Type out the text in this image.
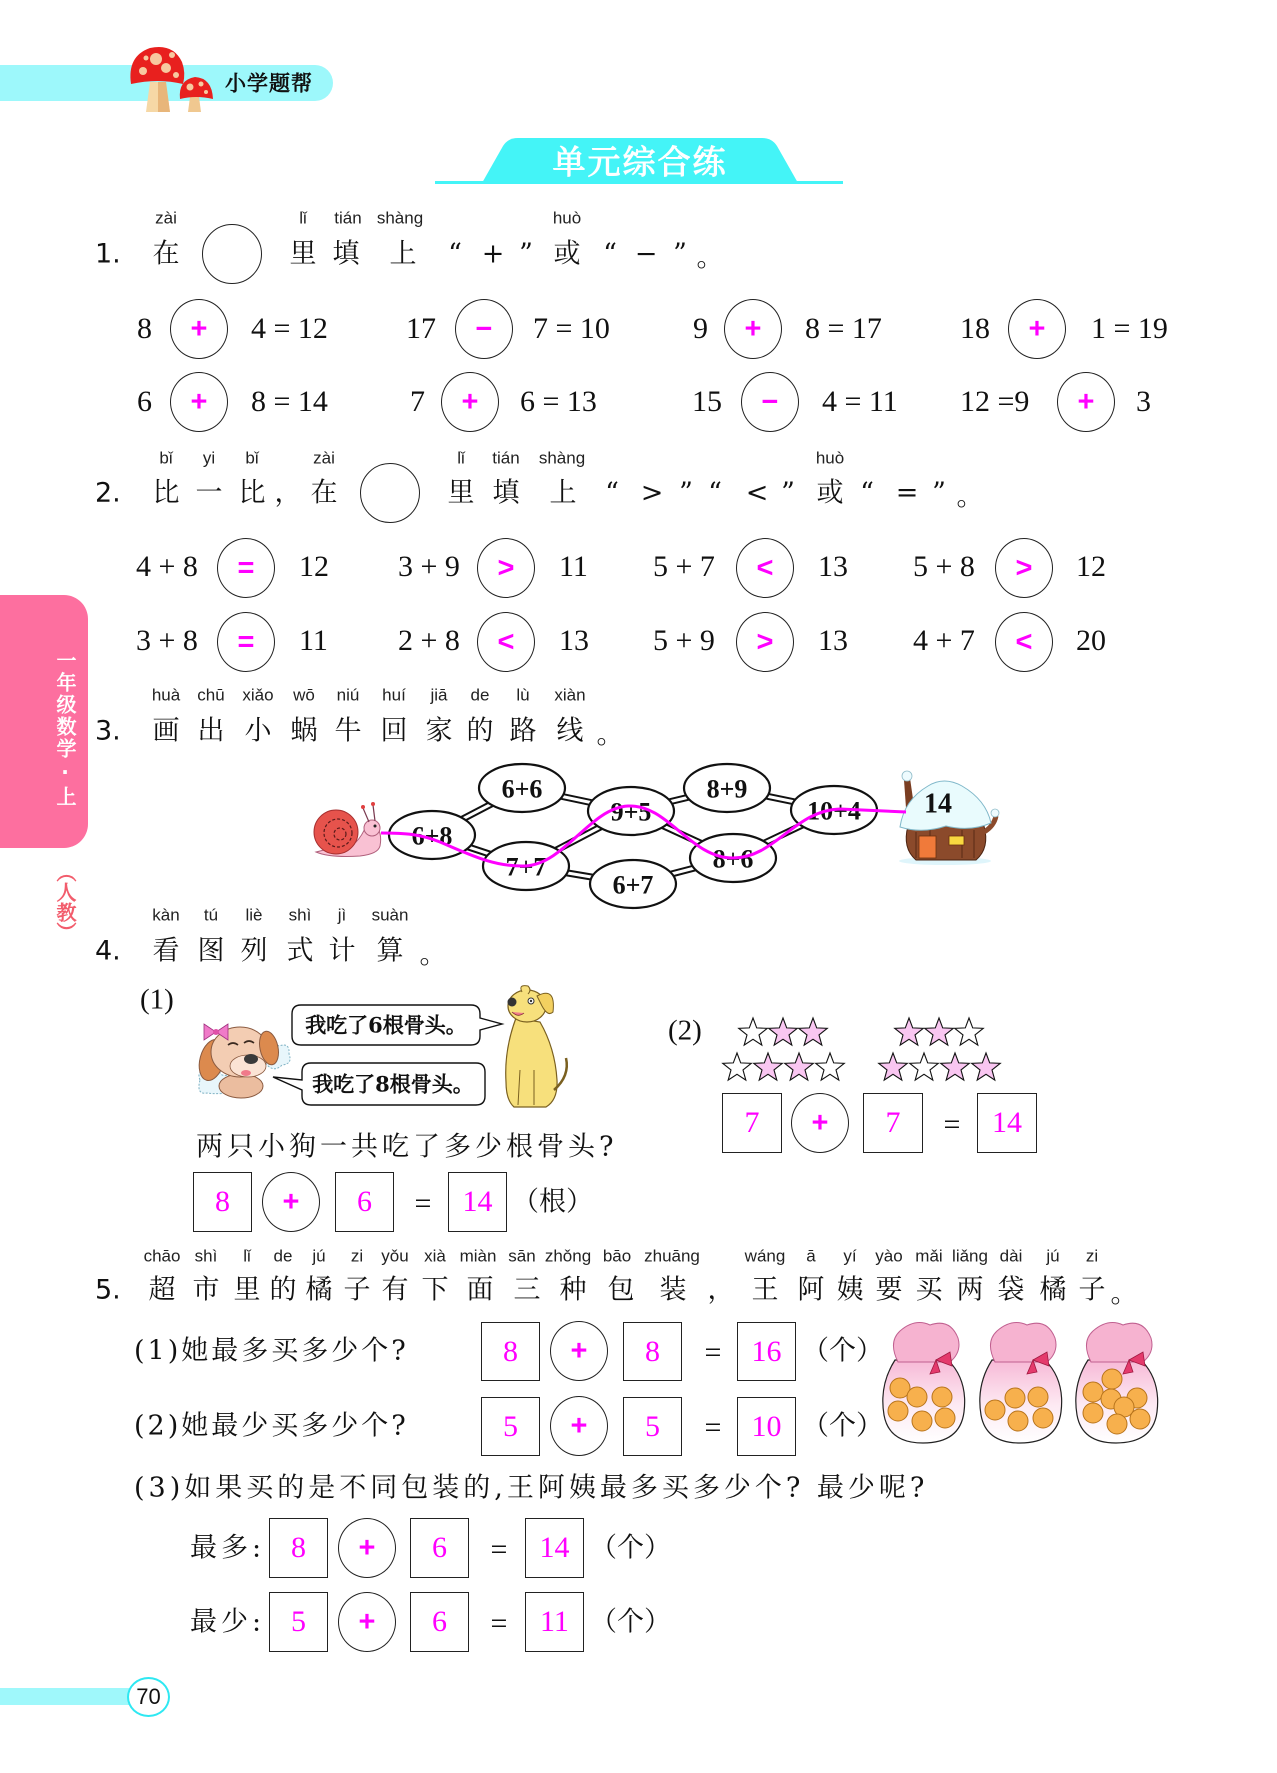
小学题帮
单元综合练
一年级数学·上
（人教）
zài	lǐ tián shàng	huò
1. 在	里 填 上 “ + ” 或 “ − ” 。
8 + 4 = 12	17 − 7 = 10	9 + 8 = 17	18 + 1 = 19
6 + 8 = 14	7 + 6 = 13	15 − 4 = 11 12 =9 + 3
bǐ yi bǐ	zài	lǐ tián shàng	huò
2. 比 一 比 ， 在	里 填 上 “ > ” “ < ” 或 “ = ” 。
4 + 8 = 12 3 + 9 > 11 5 + 7 < 13 5 + 8 > 12
3 + 8 = 11 2 + 8 < 13 5 + 9 > 13 4 + 7 < 20
huà chū xiǎo wō niú huí jiā de lù xiàn
3. 画 出 小 蜗 牛 回 家 的 路 线 。
6+8
6+6
7+7
9+5
6+7
8+9
8+6
10+4 14
kàn tú liè shì jì suàn
4. 看 图 列 式 计 算 。
(1)
我吃了6根骨头。
我吃了8根骨头。
两只小狗一共吃了多少根骨头?
8 + 6 = 14 （根）
(2)
7 + 7 = 14
chāo shì lǐ de jú zi yǒu xià miàn sān zhǒng bāo zhuāng	wáng ā yí yào mǎi liǎng dài jú zi
5. 超 市 里 的 橘 子 有 下 面 三 种 包 装 ， 王 阿 姨 要 买 两 袋 橘 子 。
(1)她最多买多少个?	8 + 8 = 16 （个）
(2)她最少买多少个?	5 + 5 = 10 （个）
(3)如果买的是不同包装的,王阿姨最多买多少个? 最少呢?
最多: 8 + 6 = 14 （个）
最少: 5 + 6 = 11 （个）
70
